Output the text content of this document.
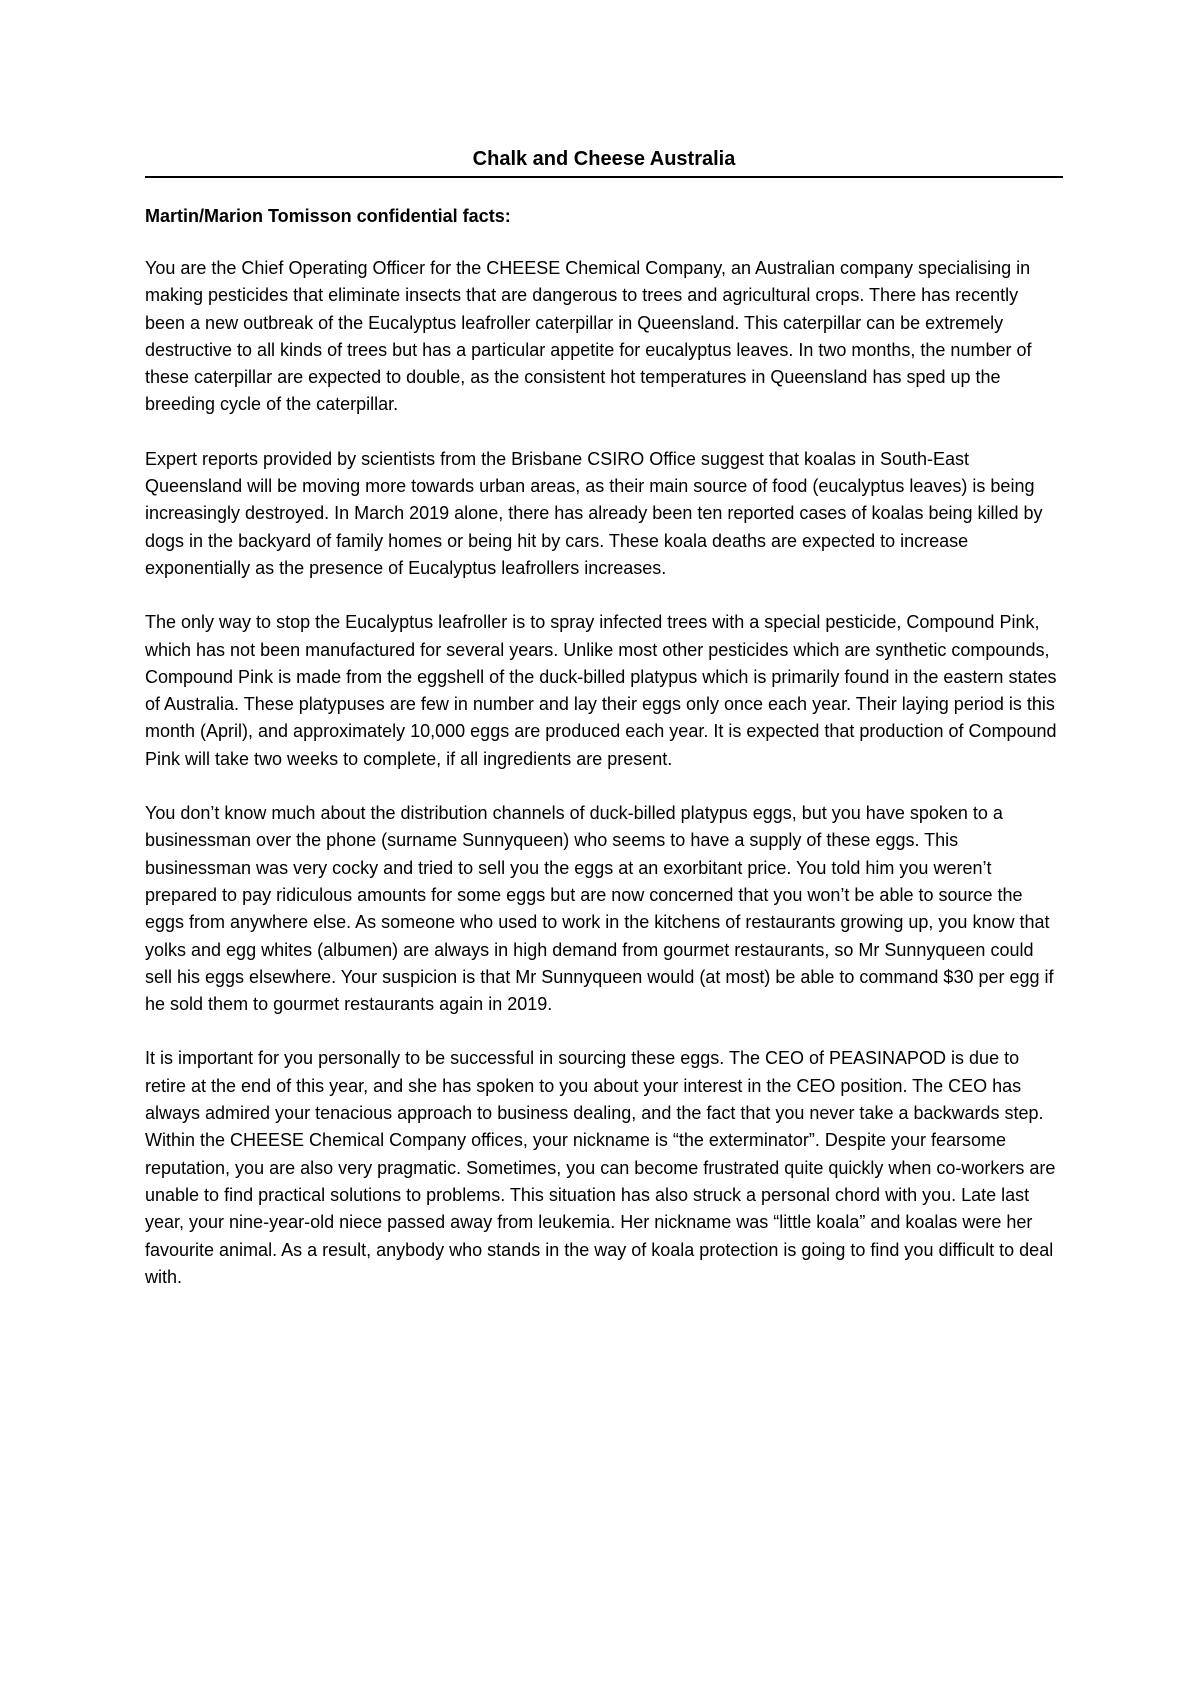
Chalk and Cheese Australia

Martin/Marion Tomisson confidential facts:

You are the Chief Operating Officer for the CHEESE Chemical Company, an Australian company specialising in making pesticides that eliminate insects that are dangerous to trees and agricultural crops. There has recently been a new outbreak of the Eucalyptus leafroller caterpillar in Queensland. This caterpillar can be extremely destructive to all kinds of trees but has a particular appetite for eucalyptus leaves. In two months, the number of these caterpillar are expected to double, as the consistent hot temperatures in Queensland has sped up the breeding cycle of the caterpillar.

Expert reports provided by scientists from the Brisbane CSIRO Office suggest that koalas in South-East Queensland will be moving more towards urban areas, as their main source of food (eucalyptus leaves) is being increasingly destroyed. In March 2019 alone, there has already been ten reported cases of koalas being killed by dogs in the backyard of family homes or being hit by cars. These koala deaths are expected to increase exponentially as the presence of Eucalyptus leafrollers increases.

The only way to stop the Eucalyptus leafroller is to spray infected trees with a special pesticide, Compound Pink, which has not been manufactured for several years. Unlike most other pesticides which are synthetic compounds, Compound Pink is made from the eggshell of the duck-billed platypus which is primarily found in the eastern states of Australia. These platypuses are few in number and lay their eggs only once each year. Their laying period is this month (April), and approximately 10,000 eggs are produced each year. It is expected that production of Compound Pink will take two weeks to complete, if all ingredients are present.

You don’t know much about the distribution channels of duck-billed platypus eggs, but you have spoken to a businessman over the phone (surname Sunnyqueen) who seems to have a supply of these eggs. This businessman was very cocky and tried to sell you the eggs at an exorbitant price. You told him you weren’t prepared to pay ridiculous amounts for some eggs but are now concerned that you won’t be able to source the eggs from anywhere else. As someone who used to work in the kitchens of restaurants growing up, you know that yolks and egg whites (albumen) are always in high demand from gourmet restaurants, so Mr Sunnyqueen could sell his eggs elsewhere. Your suspicion is that Mr Sunnyqueen would (at most) be able to command $30 per egg if he sold them to gourmet restaurants again in 2019.

It is important for you personally to be successful in sourcing these eggs. The CEO of PEASINAPOD is due to retire at the end of this year, and she has spoken to you about your interest in the CEO position. The CEO has always admired your tenacious approach to business dealing, and the fact that you never take a backwards step. Within the CHEESE Chemical Company offices, your nickname is “the exterminator”. Despite your fearsome reputation, you are also very pragmatic. Sometimes, you can become frustrated quite quickly when co-workers are unable to find practical solutions to problems. This situation has also struck a personal chord with you. Late last year, your nine-year-old niece passed away from leukemia. Her nickname was “little koala” and koalas were her favourite animal. As a result, anybody who stands in the way of koala protection is going to find you difficult to deal with.
